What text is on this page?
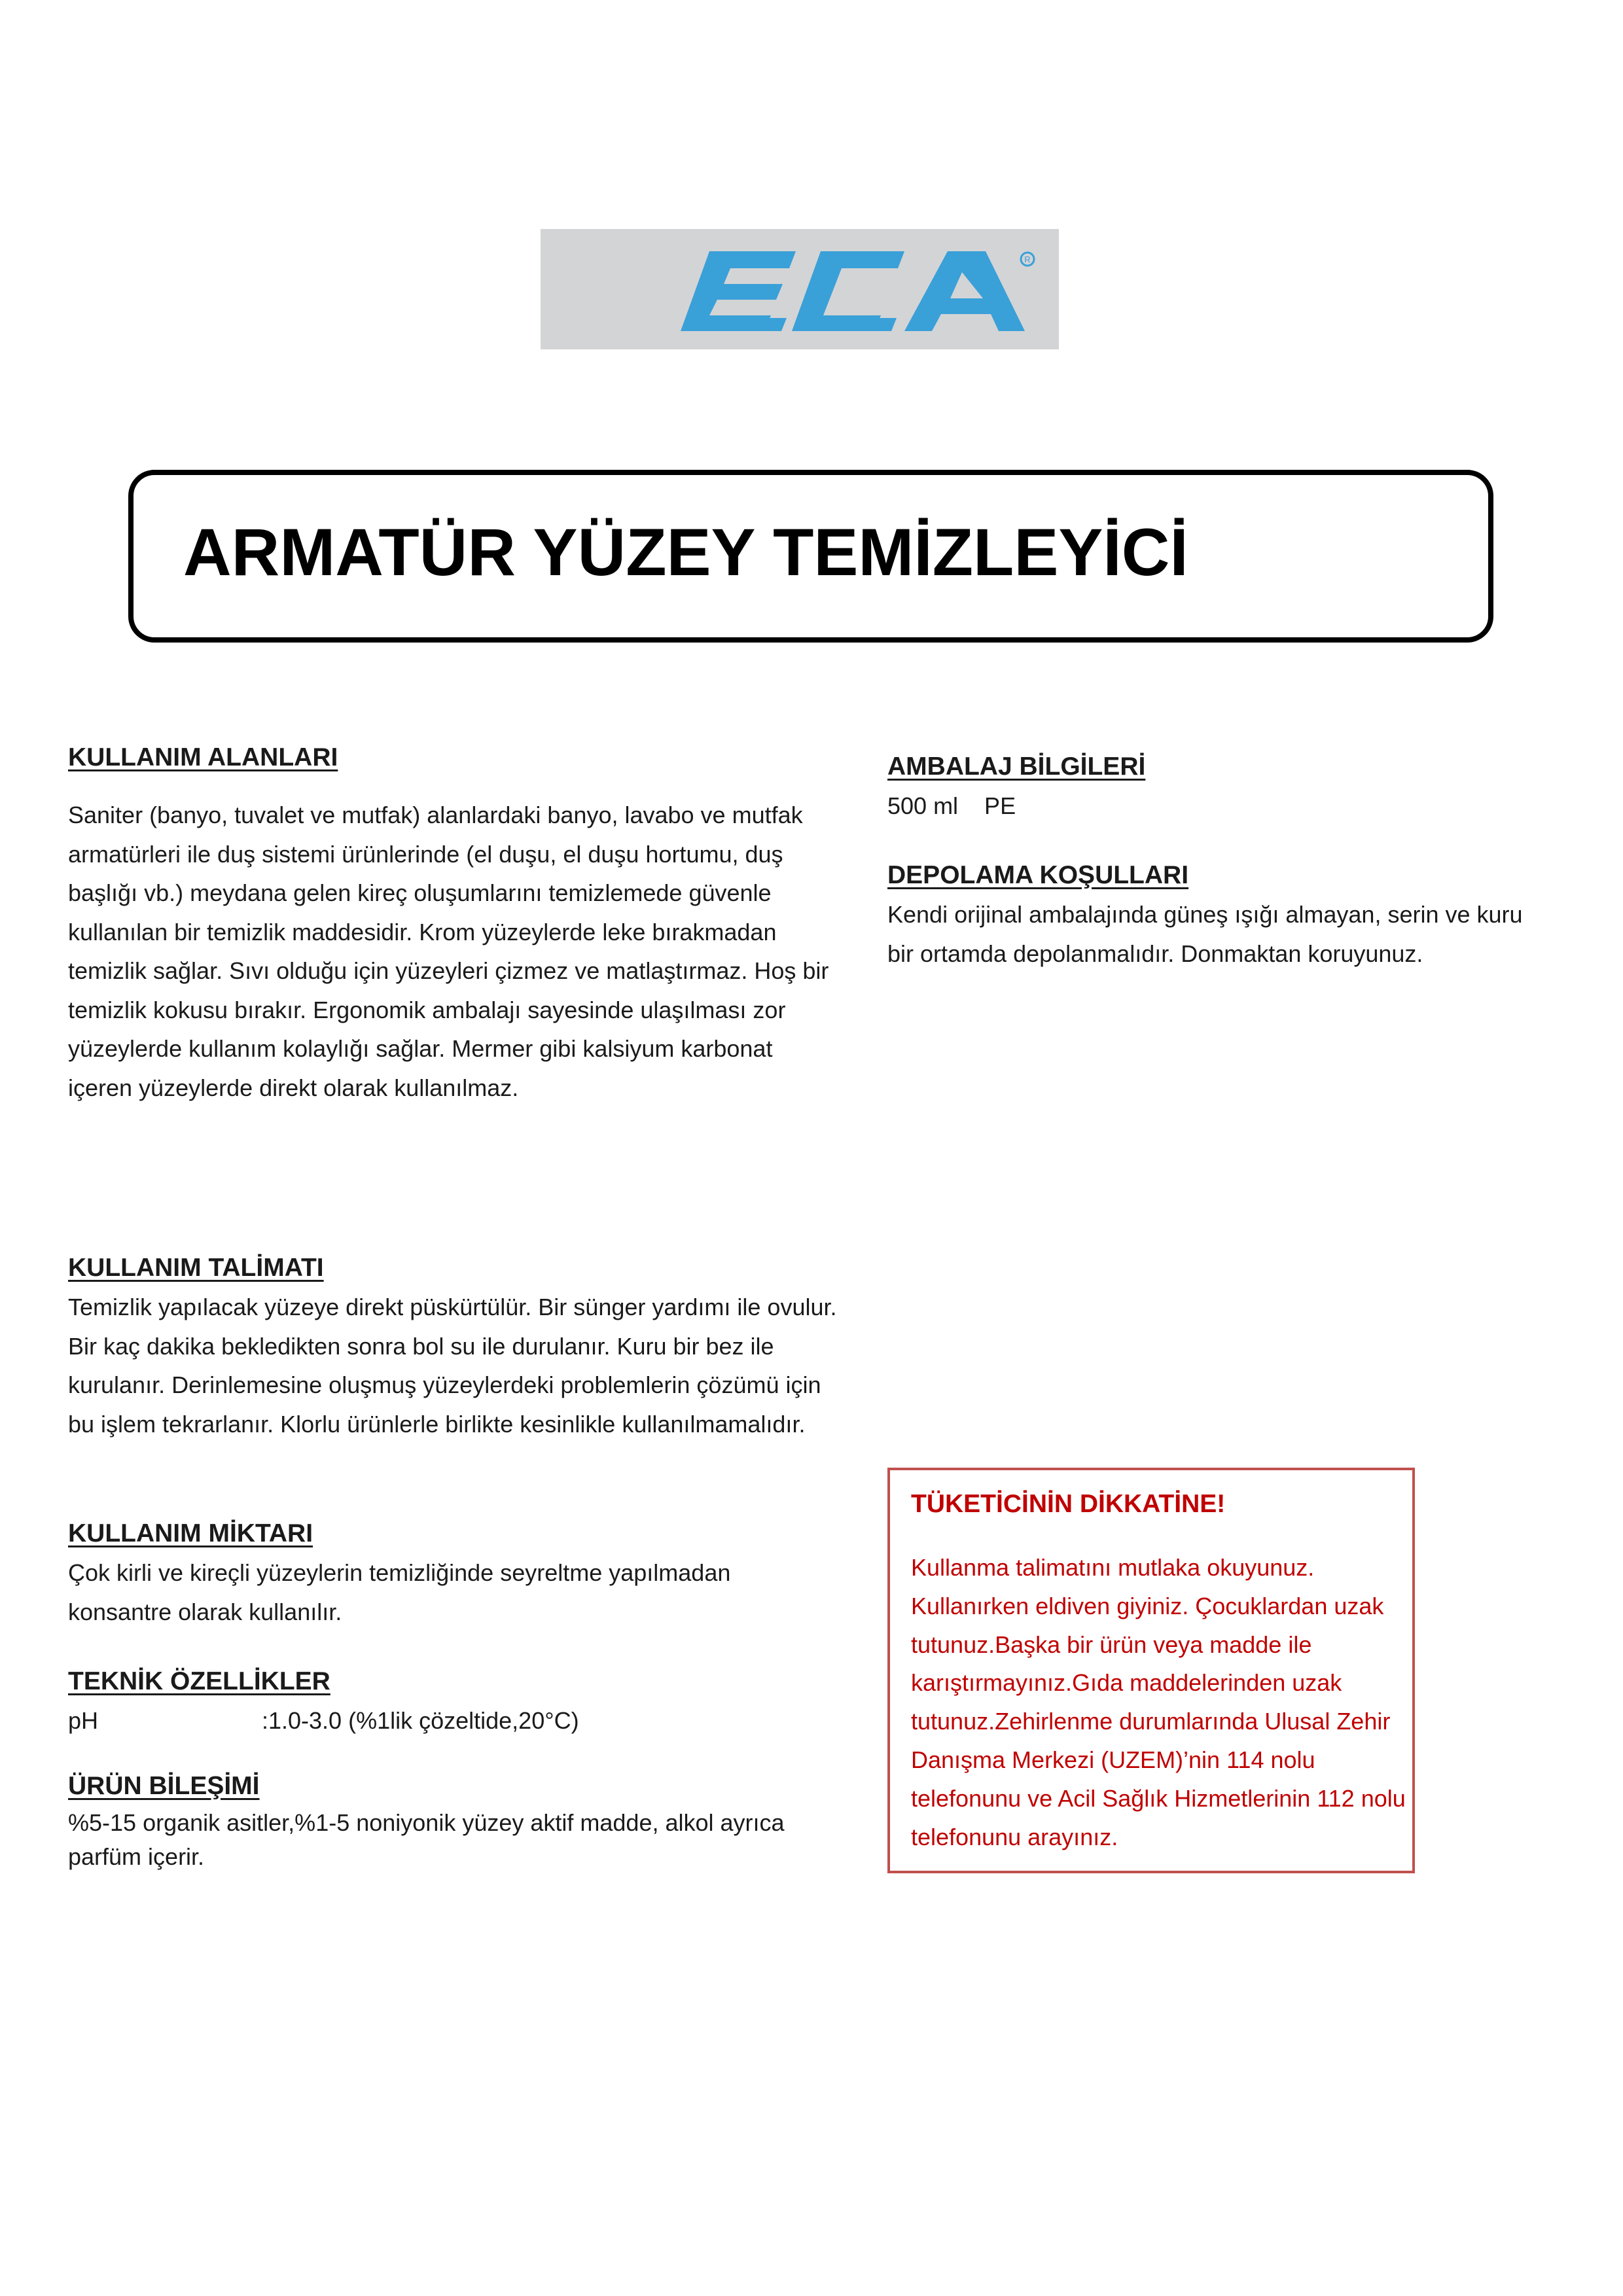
R
ARMATÜR YÜZEY TEMİZLEYİCİ

KULLANIM ALANLARI

Saniter (banyo, tuvalet ve mutfak) alanlardaki banyo, lavabo ve mutfak armatürleri ile duş sistemi ürünlerinde (el duşu, el duşu hortumu, duş başlığı vb.) meydana gelen kireç oluşumlarını temizlemede güvenle kullanılan bir temizlik maddesidir. Krom yüzeylerde leke bırakmadan temizlik sağlar. Sıvı olduğu için yüzeyleri çizmez ve matlaştırmaz. Hoş bir temizlik kokusu bırakır. Ergonomik ambalajı sayesinde ulaşılması zor yüzeylerde kullanım kolaylığı sağlar. Mermer gibi kalsiyum karbonat içeren yüzeylerde direkt olarak kullanılmaz.

KULLANIM TALİMATI

Temizlik yapılacak yüzeye direkt püskürtülür. Bir sünger yardımı ile ovulur. Bir kaç dakika bekledikten sonra bol su ile durulanır. Kuru bir bez ile kurulanır. Derinlemesine oluşmuş yüzeylerdeki problemlerin çözümü için bu işlem tekrarlanır. Klorlu ürünlerle birlikte kesinlikle kullanılmamalıdır.

KULLANIM MİKTARI

Çok kirli ve kireçli yüzeylerin temizliğinde seyreltme yapılmadan konsantre olarak kullanılır.

TEKNİK ÖZELLİKLER

pH	:1.0-3.0 (%1lik çözeltide,20°C)

ÜRÜN BİLEŞİMİ

%5-15 organik asitler,%1-5 noniyonik yüzey aktif madde, alkol ayrıca parfüm içerir.

AMBALAJ BİLGİLERİ

500 ml    PE

DEPOLAMA KOŞULLARI

Kendi orijinal ambalajında güneş ışığı almayan, serin ve kuru bir ortamda depolanmalıdır. Donmaktan koruyunuz.

TÜKETİCİNİN DİKKATİNE!

Kullanma talimatını mutlaka okuyunuz. Kullanırken eldiven giyiniz. Çocuklardan uzak tutunuz.Başka bir ürün veya madde ile karıştırmayınız.Gıda maddelerinden uzak tutunuz.Zehirlenme durumlarında Ulusal Zehir Danışma Merkezi (UZEM)’nin 114 nolu telefonunu ve Acil Sağlık Hizmetlerinin 112 nolu telefonunu arayınız.
